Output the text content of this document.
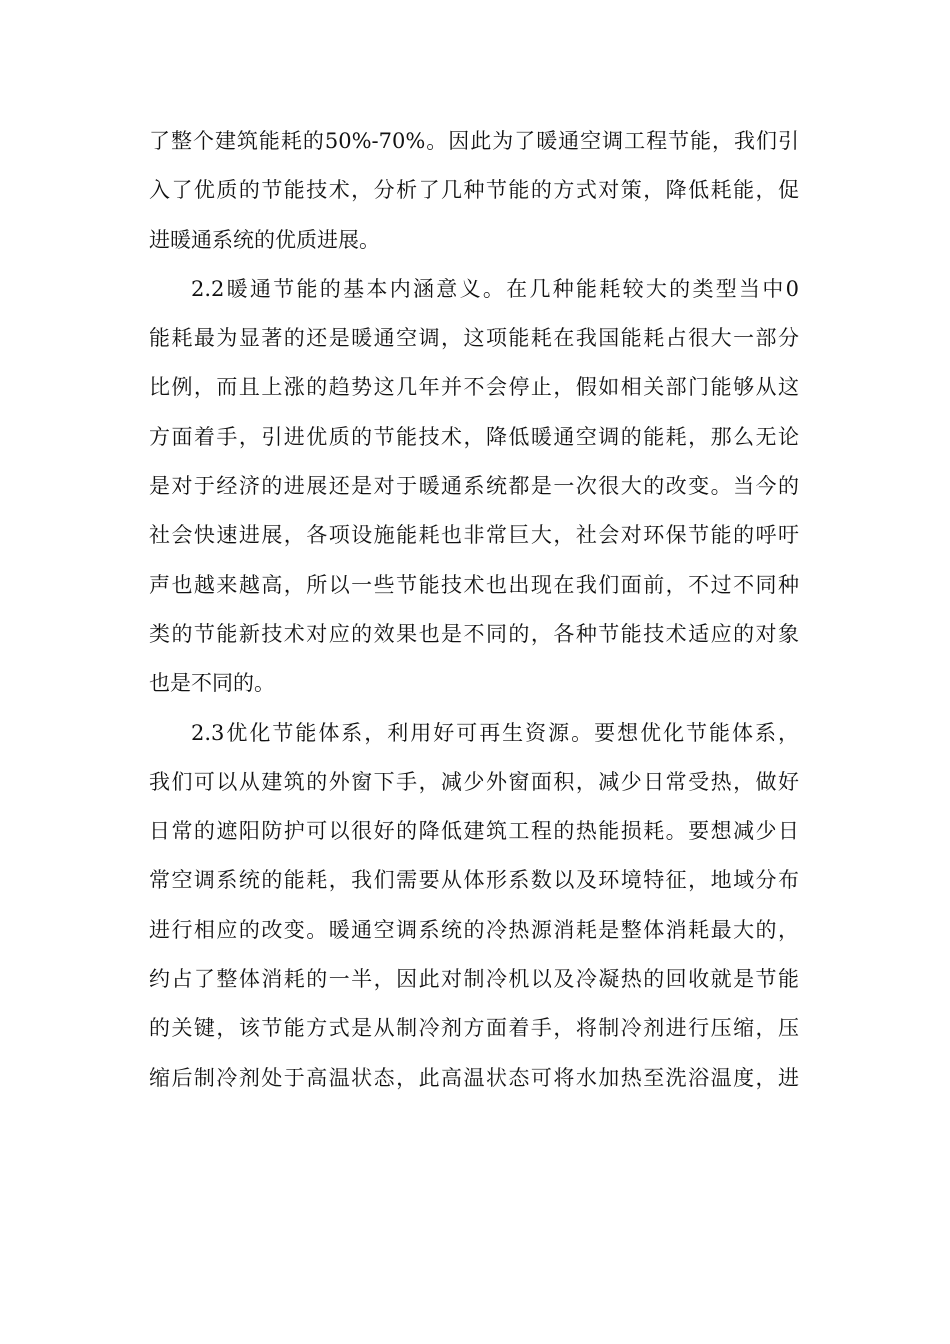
了整个建筑能耗的50%-70%。因此为了暖通空调工程节能，我们引
入了优质的节能技术，分析了几种节能的方式对策，降低耗能，促
进暖通系统的优质进展。
2.2暖通节能的基本内涵意义。在几种能耗较大的类型当中0
能耗最为显著的还是暖通空调，这项能耗在我国能耗占很大一部分
比例，而且上涨的趋势这几年并不会停止，假如相关部门能够从这
方面着手，引进优质的节能技术，降低暖通空调的能耗，那么无论
是对于经济的进展还是对于暖通系统都是一次很大的改变。当今的
社会快速进展，各项设施能耗也非常巨大，社会对环保节能的呼吁
声也越来越高，所以一些节能技术也出现在我们面前，不过不同种
类的节能新技术对应的效果也是不同的，各种节能技术适应的对象
也是不同的。
2.3优化节能体系，利用好可再生资源。要想优化节能体系，
我们可以从建筑的外窗下手，减少外窗面积，减少日常受热，做好
日常的遮阳防护可以很好的降低建筑工程的热能损耗。要想减少日
常空调系统的能耗，我们需要从体形系数以及环境特征，地域分布
进行相应的改变。暖通空调系统的冷热源消耗是整体消耗最大的，
约占了整体消耗的一半，因此对制冷机以及冷凝热的回收就是节能
的关键，该节能方式是从制冷剂方面着手，将制冷剂进行压缩，压
缩后制冷剂处于高温状态，此高温状态可将水加热至洗浴温度，进
